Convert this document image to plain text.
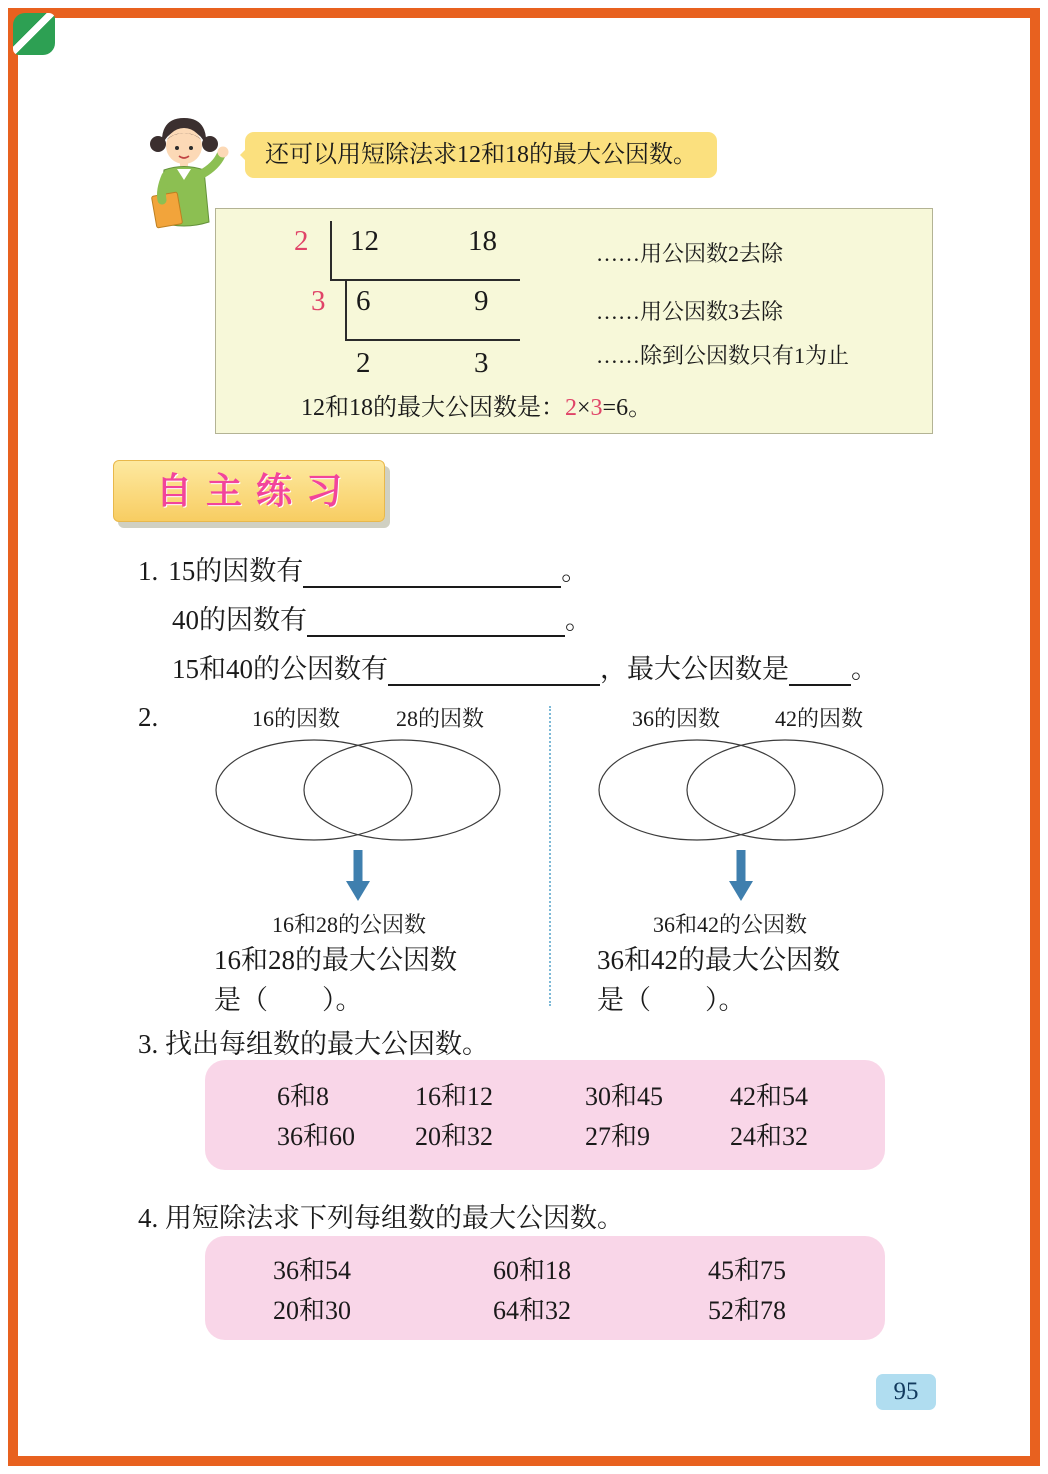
还可以用短除法求12和18的最大公因数。
2 12	18	……用公因数2去除
3 6	9	……用公因数3去除
2	3	……除到公因数只有1为止
12和18的最大公因数是：2×3=6。
自主练习
1. 15的因数有	。
40的因数有	。
15和40的公因数有	，最大公因数是 。
2.	16的因数	28的因数
16和28的公因数
16和28的最大公因数
是（　　）。
36的因数 42的因数
36和42的公因数
36和42的最大公因数
是（　　）。
3. 找出每组数的最大公因数。
6和8	16和12	30和45	42和54
36和60	20和32	27和9	24和32
4. 用短除法求下列每组数的最大公因数。
36和54	60和18	45和75
20和30	64和32	52和78
95
